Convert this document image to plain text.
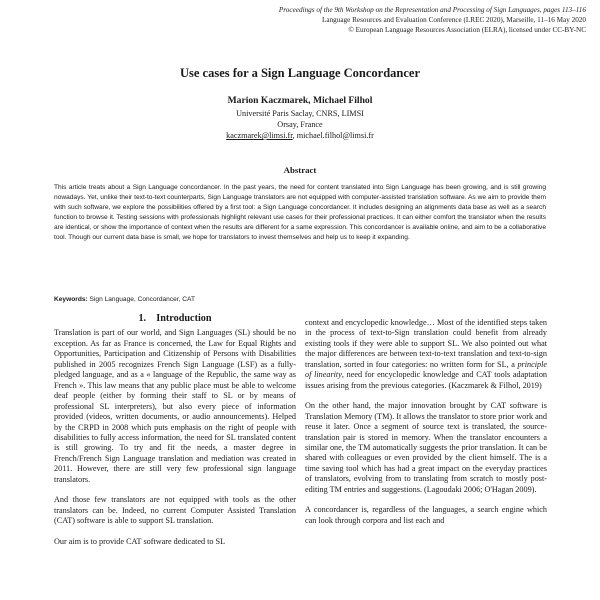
Proceedings of the 9th Workshop on the Representation and Processing of Sign Languages, pages 113–116
Language Resources and Evaluation Conference (LREC 2020), Marseille, 11–16 May 2020
© European Language Resources Association (ELRA), licensed under CC-BY-NC
Use cases for a Sign Language Concordancer
Marion Kaczmarek, Michael Filhol
Université Paris Saclay, CNRS, LIMSI
Orsay, France
kaczmarek@limsi.fr, michael.filhol@limsi.fr
Abstract
This article treats about a Sign Language concordancer. In the past years, the need for content translated into Sign Language has been growing, and is still growing nowadays. Yet, unlike their text-to-text counterparts, Sign Language translators are not equipped with computer-assisted translation software. As we aim to provide them with such software, we explore the possibilities offered by a first tool: a Sign Language concordancer. It includes designing an alignments data base as well as a search function to browse it. Testing sessions with professionals highlight relevant use cases for their professional practices. It can either comfort the translator when the results are identical, or show the importance of context when the results are different for a same expression. This concordancer is available online, and aim to be a collaborative tool. Though our current data base is small, we hope for translators to invest themselves and help us to keep it expanding.
Keywords: Sign Language, Concordancer, CAT
1.    Introduction

Translation is part of our world, and Sign Languages (SL) should be no exception. As far as France is concerned, the Law for Equal Rights and Opportunities, Participation and Citizenship of Persons with Disabilities published in 2005 recognizes French Sign Language (LSF) as a fully-pledged language, and as a « language of the Republic, the same way as French ». This law means that any public place must be able to welcome deaf people (either by forming their staff to SL or by means of professional SL interpreters), but also every piece of information provided (videos, written documents, or audio announcements). Helped by the CRPD in 2008 which puts emphasis on the right of people with disabilities to fully access information, the need for SL translated content is still growing. To try and fit the needs, a master degree in French/French Sign Language translation and mediation was created in 2011. However, there are still very few professional sign language translators.

And those few translators are not equipped with tools as the other translators can be. Indeed, no current Computer Assisted Translation (CAT) software is able to support SL translation.

Our aim is to provide CAT software dedicated to SL

context and encyclopedic knowledge… Most of the identified steps taken in the process of text-to-Sign translation could benefit from already existing tools if they were able to support SL. We also pointed out what the major differences are between text-to-text translation and text-to-sign translation, sorted in four categories: no written form for SL, a principle of linearity, need for encyclopedic knowledge and CAT tools adaptation issues arising from the previous categories. (Kaczmarek & Filhol, 2019)

On the other hand, the major innovation brought by CAT software is Translation Memory (TM). It allows the translator to store prior work and reuse it later. Once a segment of source text is translated, the source-translation pair is stored in memory. When the translator encounters a similar one, the TM automatically suggests the prior translation. It can be shared with colleagues or even provided by the client himself. The is a time saving tool which has had a great impact on the everyday practices of translators, evolving from to translating from scratch to mostly post-editing TM entries and suggestions. (Lagoudaki 2006; O'Hagan 2009).

A concordancer is, regardless of the languages, a search engine which can look through corpora and list each and
